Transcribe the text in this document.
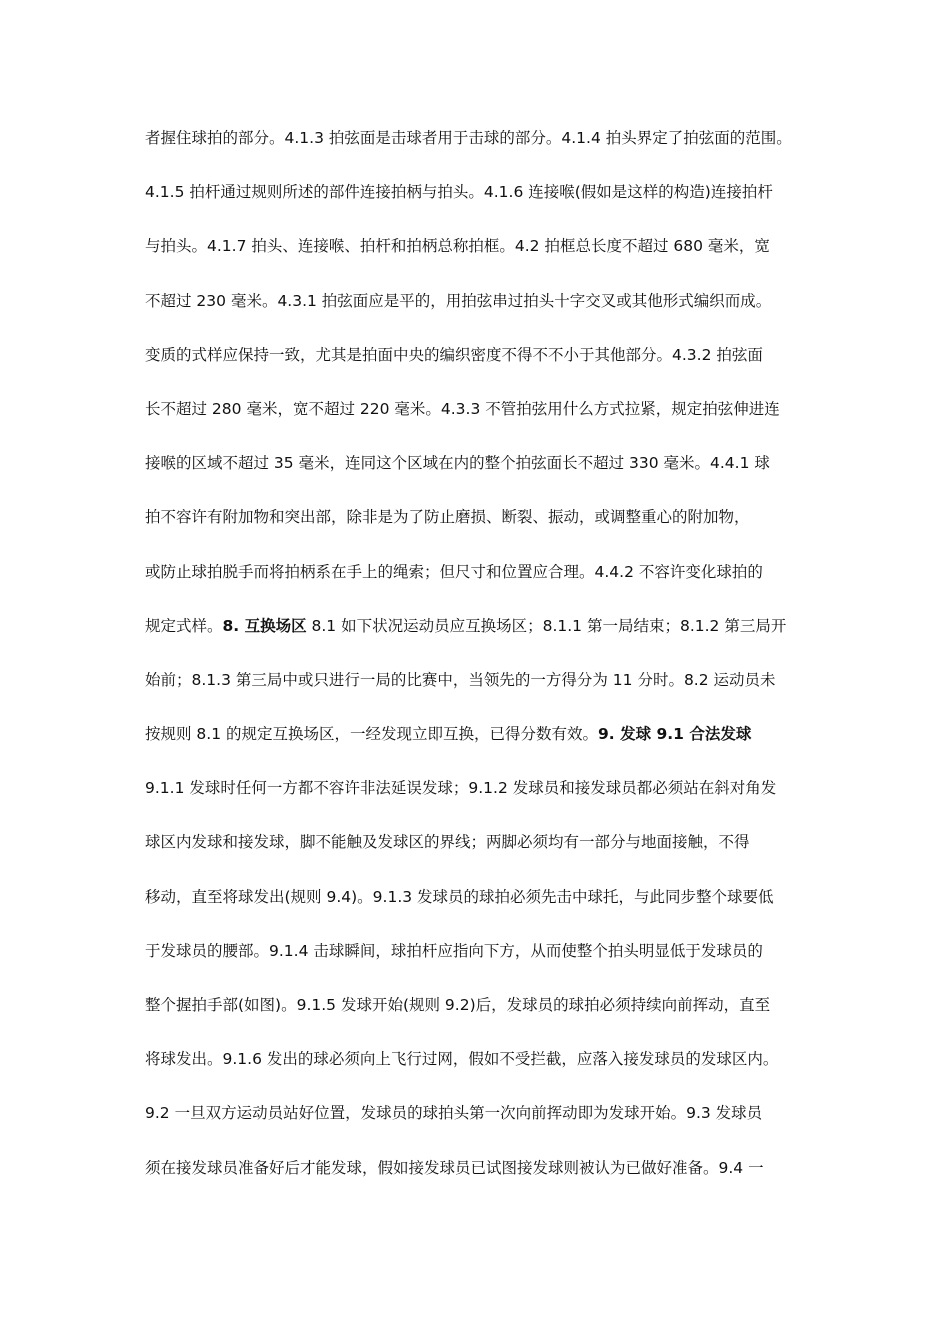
者握住球拍的部分。4.1.3 拍弦面是击球者用于击球的部分。4.1.4 拍头界定了拍弦面的范围。
4.1.5 拍杆通过规则所述的部件连接拍柄与拍头。4.1.6 连接喉(假如是这样的构造)连接拍杆
与拍头。4.1.7 拍头、连接喉、拍杆和拍柄总称拍框。4.2 拍框总长度不超过 680 毫米，宽
不超过 230 毫米。4.3.1 拍弦面应是平的，用拍弦串过拍头十字交叉或其他形式编织而成。
变质的式样应保持一致，尤其是拍面中央的编织密度不得不不小于其他部分。4.3.2 拍弦面
长不超过 280 毫米，宽不超过 220 毫米。4.3.3 不管拍弦用什么方式拉紧，规定拍弦伸进连
接喉的区域不超过 35 毫米，连同这个区域在内的整个拍弦面长不超过 330 毫米。4.4.1 球
拍不容许有附加物和突出部，除非是为了防止磨损、断裂、振动，或调整重心的附加物，
或防止球拍脱手而将拍柄系在手上的绳索；但尺寸和位置应合理。4.4.2 不容许变化球拍的
规定式样。8. 互换场区 8.1 如下状况运动员应互换场区；8.1.1 第一局结束；8.1.2 第三局开
始前；8.1.3 第三局中或只进行一局的比赛中，当领先的一方得分为 11 分时。8.2 运动员未
按规则 8.1 的规定互换场区，一经发现立即互换，已得分数有效。9. 发球 9.1 合法发球
9.1.1 发球时任何一方都不容许非法延误发球；9.1.2 发球员和接发球员都必须站在斜对角发
球区内发球和接发球，脚不能触及发球区的界线；两脚必须均有一部分与地面接触，不得
移动，直至将球发出(规则 9.4)。9.1.3 发球员的球拍必须先击中球托，与此同步整个球要低
于发球员的腰部。9.1.4 击球瞬间，球拍杆应指向下方，从而使整个拍头明显低于发球员的
整个握拍手部(如图)。9.1.5 发球开始(规则 9.2)后，发球员的球拍必须持续向前挥动，直至
将球发出。9.1.6 发出的球必须向上飞行过网，假如不受拦截，应落入接发球员的发球区内。
9.2 一旦双方运动员站好位置，发球员的球拍头第一次向前挥动即为发球开始。9.3 发球员
须在接发球员准备好后才能发球，假如接发球员已试图接发球则被认为已做好准备。9.4 一
